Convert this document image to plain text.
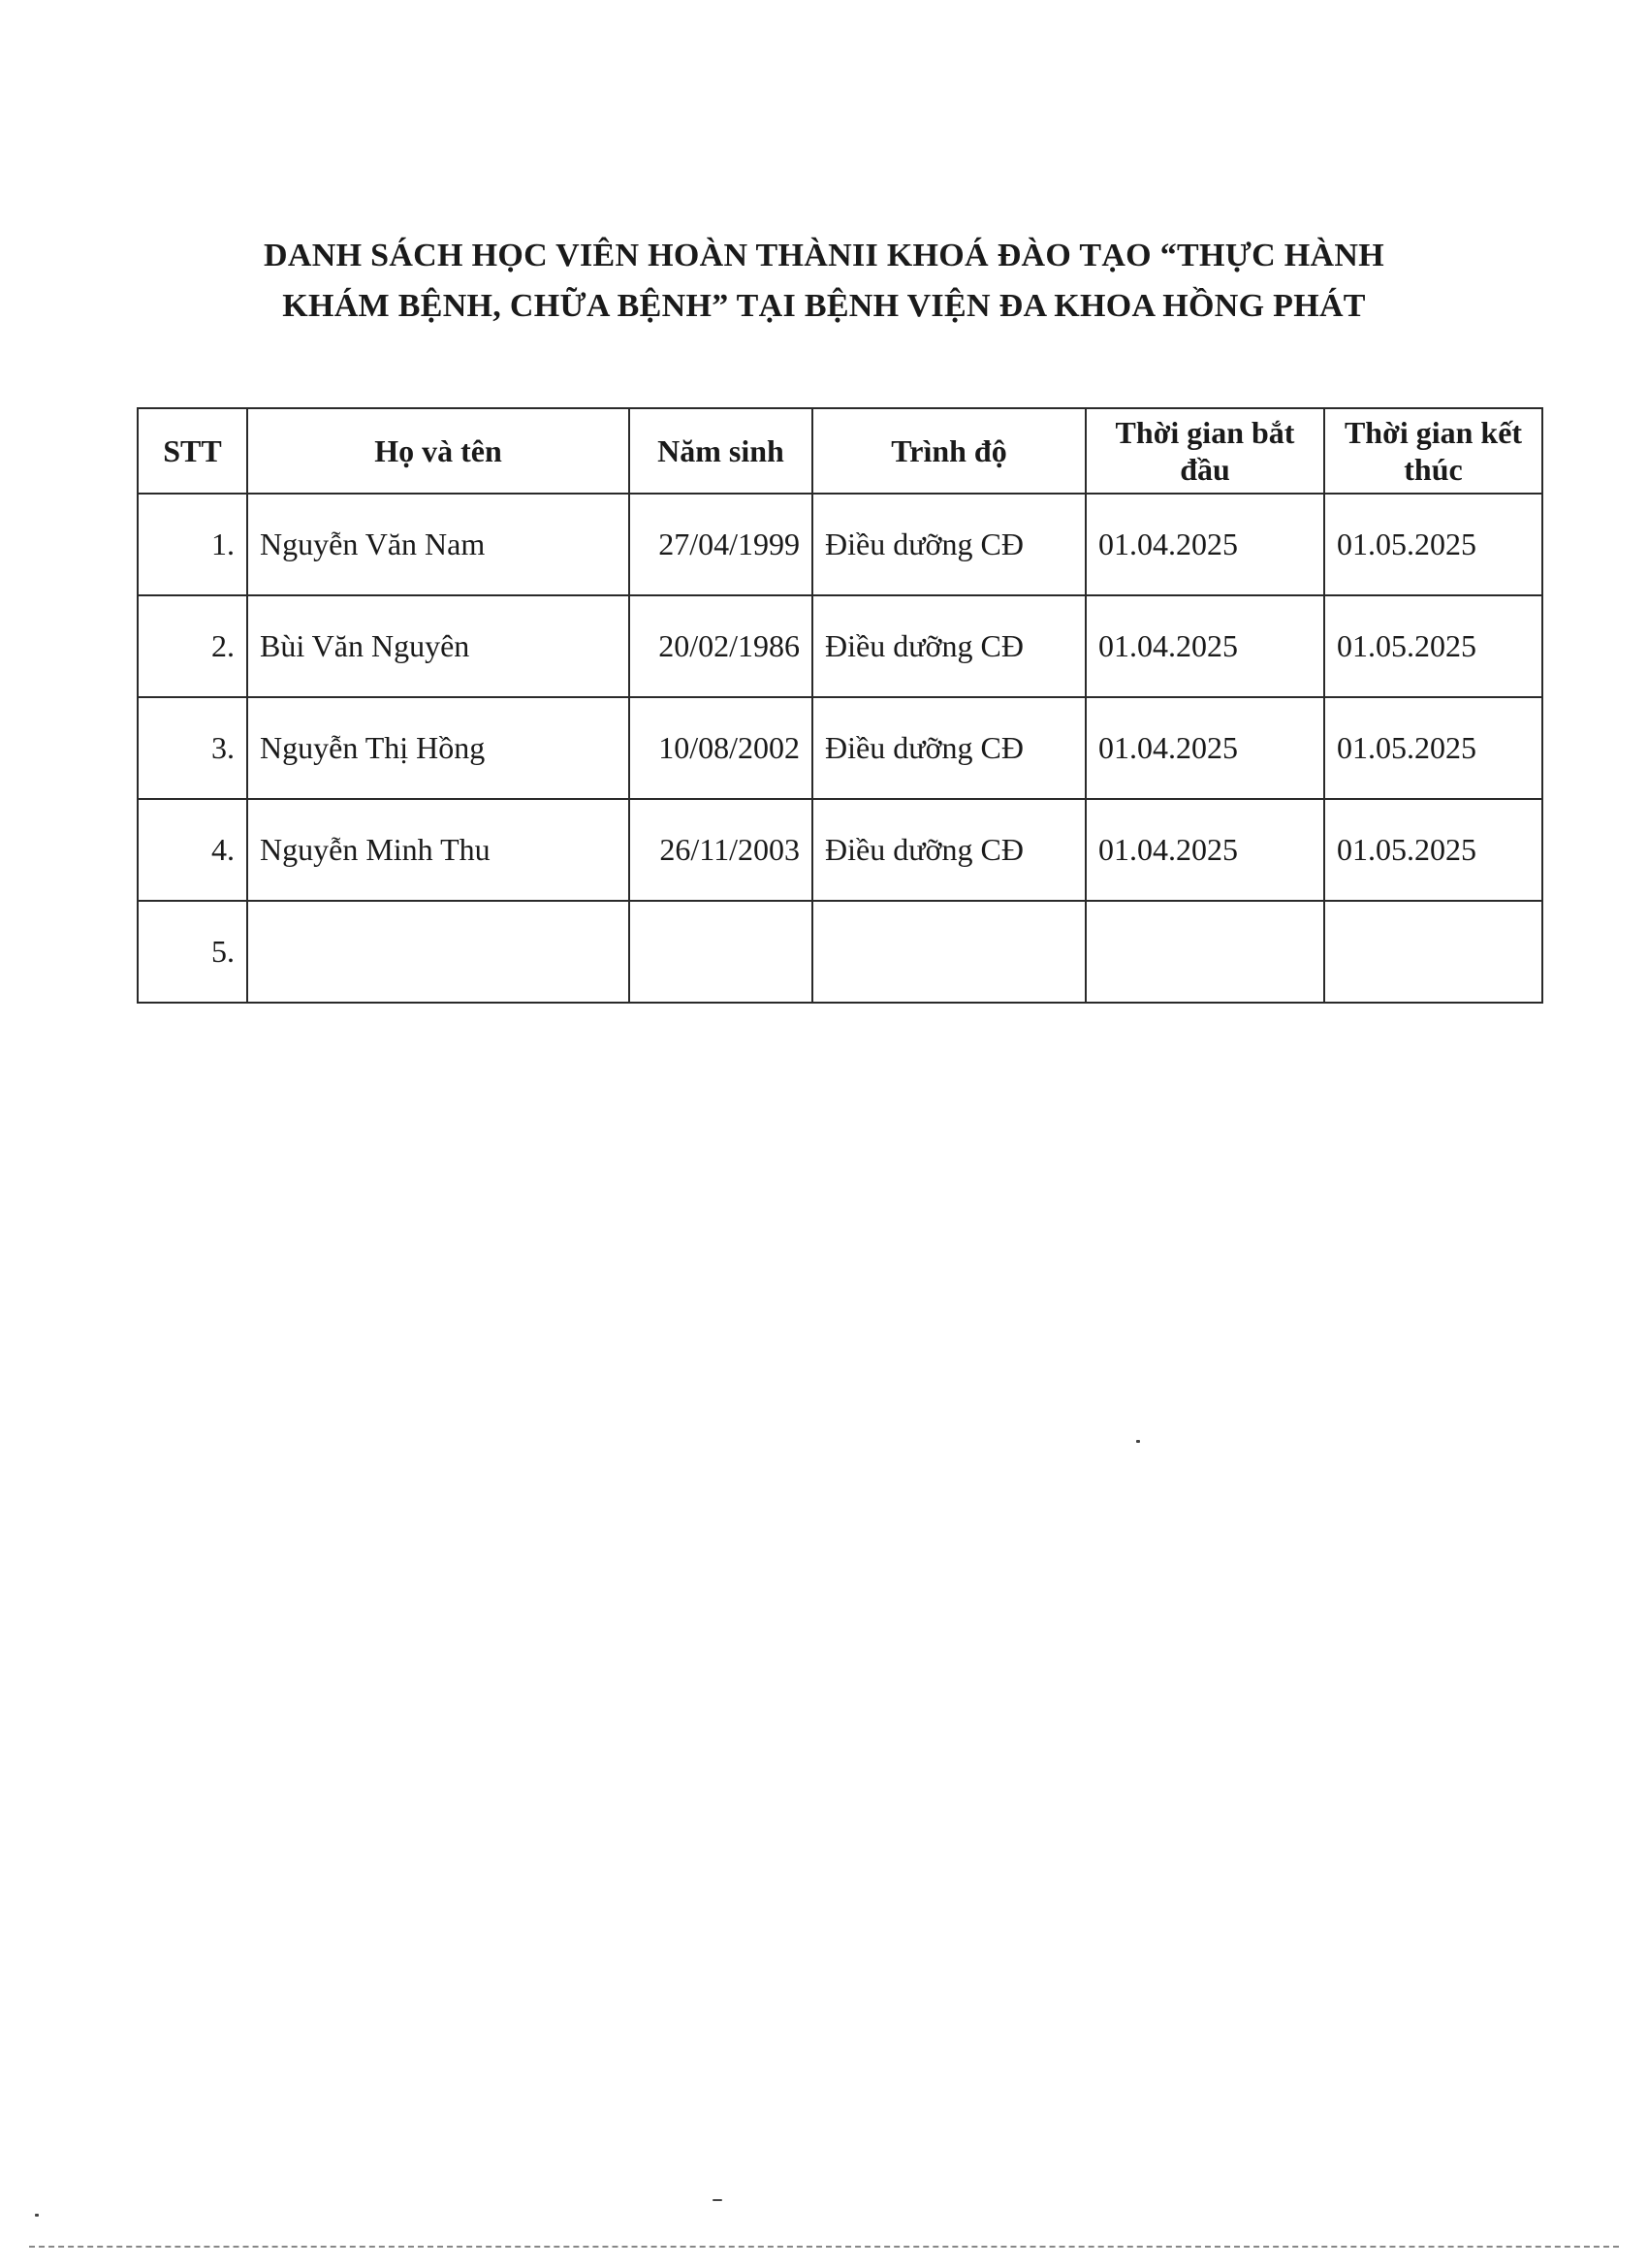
DANH SÁCH HỌC VIÊN HOÀN THÀNII KHOÁ ĐÀO TẠO “THỰC HÀNH
KHÁM BỆNH, CHỮA BỆNH” TẠI BỆNH VIỆN ĐA KHOA HỒNG PHÁT
STT	Họ và tên	Năm sinh	Trình độ	Thời gian bắt đầu	Thời gian kết thúc
1.	Nguyễn Văn Nam	27/04/1999	Điều dưỡng CĐ	01.04.2025	01.05.2025
2.	Bùi Văn Nguyên	20/02/1986	Điều dưỡng CĐ	01.04.2025	01.05.2025
3.	Nguyễn Thị Hồng	10/08/2002	Điều dưỡng CĐ	01.04.2025	01.05.2025
4.	Nguyễn Minh Thu	26/11/2003	Điều dưỡng CĐ	01.04.2025	01.05.2025
5.					
